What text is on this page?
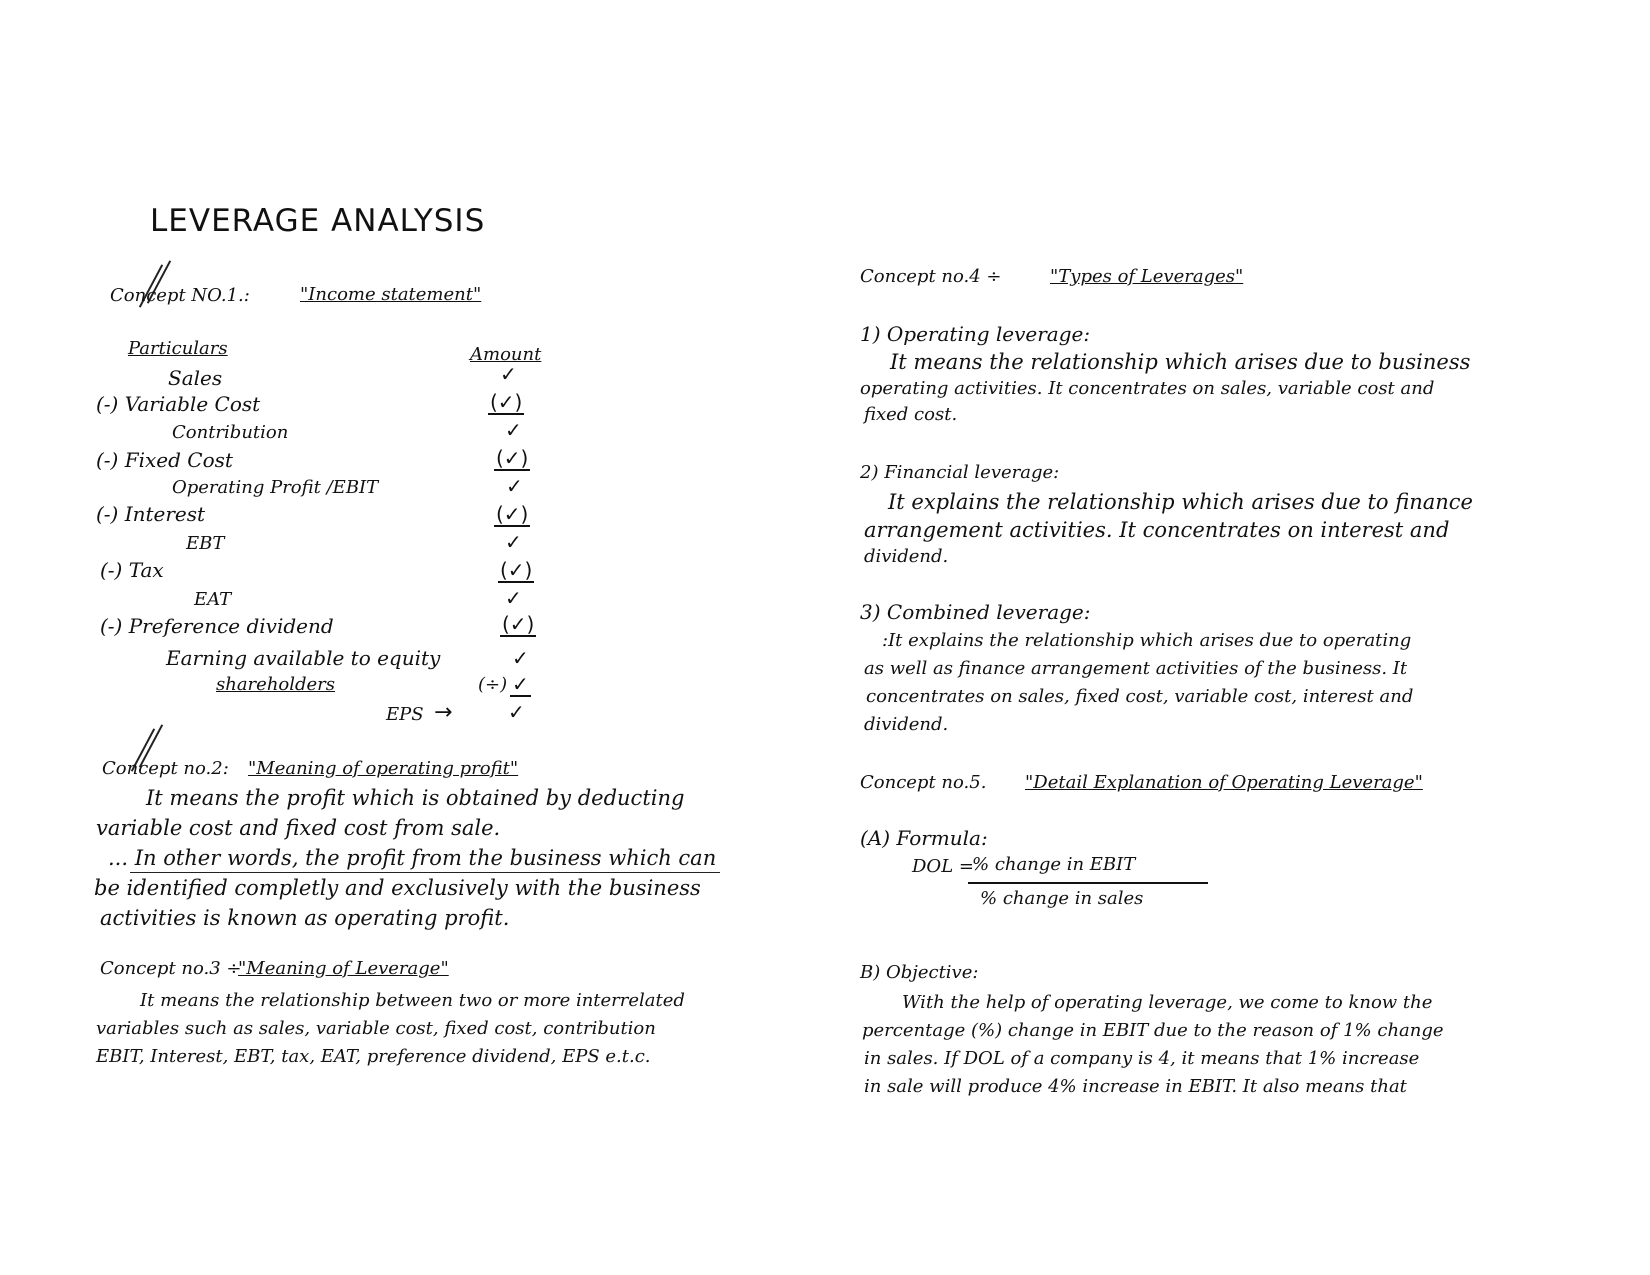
LEVERAGE ANALYSIS
Concept NO.1.:	"Income statement"
Particulars	Amount
Sales	✓
(-) Variable Cost	(✓)
Contribution	✓
(-) Fixed Cost	(✓)
Operating Profit /EBIT	✓
(-) Interest	(✓)
EBT	✓
(-) Tax	(✓)
EAT	✓
(-) Preference dividend	(✓)
Earning available to equity	✓
shareholders	(÷) ✓
EPS →	✓
Concept no.2: "Meaning of operating profit"
It means the profit which is obtained by deducting
variable cost and fixed cost from sale.
... In other words, the profit from the business which can
be identified completly and exclusively with the business
activities is known as operating profit.
Concept no.3 ÷
"Meaning of Leverage"
It means the relationship between two or more interrelated
variables such as sales, variable cost, fixed cost, contribution
EBIT, Interest, EBT, tax, EAT, preference dividend, EPS e.t.c.
Concept no.4 ÷	"Types of Leverages"
1) Operating leverage:
It means the relationship which arises due to business
operating activities. It concentrates on sales, variable cost and
fixed cost.
2) Financial leverage:
It explains the relationship which arises due to finance
arrangement activities. It concentrates on interest and
dividend.
3) Combined leverage:
:It explains the relationship which arises due to operating
as well as finance arrangement activities of the business. It
concentrates on sales, fixed cost, variable cost, interest and
dividend.
Concept no.5. "Detail Explanation of Operating Leverage"
(A) Formula:
DOL =
% change in EBIT
% change in sales
B) Objective:
With the help of operating leverage, we come to know the
percentage (%) change in EBIT due to the reason of 1% change
in sales. If DOL of a company is 4, it means that 1% increase
in sale will produce 4% increase in EBIT. It also means that
